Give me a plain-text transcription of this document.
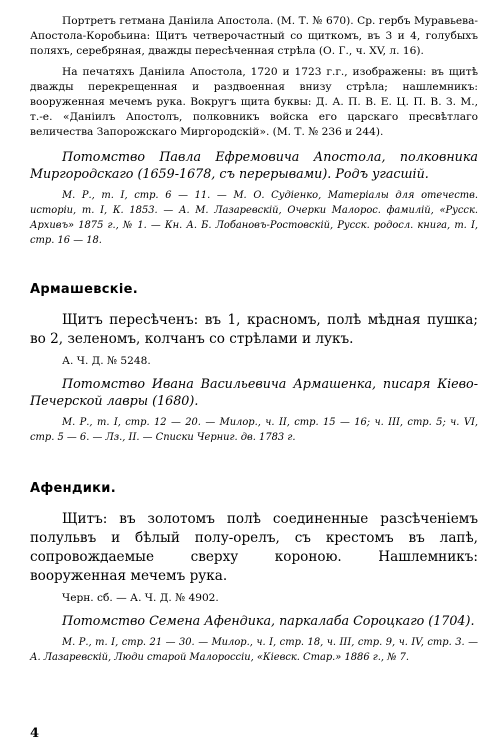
Портретъ гетмана Даніила Апостола. (М. Т. № 670). Ср. гербъ Муравьева-Апостола-Коробьина: Щитъ четверочастный со щиткомъ, въ 3 и 4, голубыхъ поляхъ, серебряная, дважды пересѣченная стрѣла (О. Г., ч. XV, л. 16).

На печатяхъ Даніила Апостола, 1720 и 1723 г.г., изображены: въ щитѣ дважды перекрещенная и раздвоенная внизу стрѣла; нашлемникъ: вооруженная мечемъ рука. Вокругъ щита буквы: Д. А. П. В. Е. Ц. П. В. З. М., т.-е. «Даніилъ Апостолъ, полковникъ войска его царскаго пресвѣтлаго величества Запорожскаго Миргородскій». (М. Т. № 236 и 244).

Потомство Павла Ефремовича Апостола, полковника Миргородскаго (1659-1678, съ перерывами). Родъ угасшій.

М. Р., т. І, стр. 6 — 11. — М. О. Судіенко, Матеріалы для отечеств. исторіи, т. І, К. 1853. — А. М. Лазаревскій, Очерки Малорос. фамилій, «Русск. Архивъ» 1875 г., № 1. — Кн. А. Б. Лобановъ-Ростовскій, Русск. родосл. книга, т. І, стр. 16 — 18.

Армашевскіе.

Щитъ пересѣченъ: въ 1, красномъ, полѣ мѣдная пушка; во 2, зеленомъ, колчанъ со стрѣлами и лукъ.

А. Ч. Д. № 5248.

Потомство Ивана Васильевича Армашенка, писаря Кіево-Печерской лавры (1680).

М. Р., т. І, стр. 12 — 20. — Милор., ч. ІІ, стр. 15 — 16; ч. ІІІ, стр. 5; ч. VI, стр. 5 — 6. — Лз., ІІ. — Списки Черниг. дв. 1783 г.

Афендики.

Щитъ: въ золотомъ полѣ соединенные разсѣченіемъ полульвъ и бѣлый полу-орелъ, съ крестомъ въ лапѣ, сопровождаемые сверху короною. Нашлемникъ: вооруженная мечемъ рука.

Черн. сб. — А. Ч. Д. № 4902.

Потомство Семена Афендика, паркалаба Сороцкаго (1704).

М. Р., т. І, стр. 21 — 30. — Милор., ч. І, стр. 18, ч. ІІІ, стр. 9, ч. IV, стр. 3. — А. Лазаревскій, Люди старой Малороссіи, «Кіевск. Стар.» 1886 г., № 7.

4
